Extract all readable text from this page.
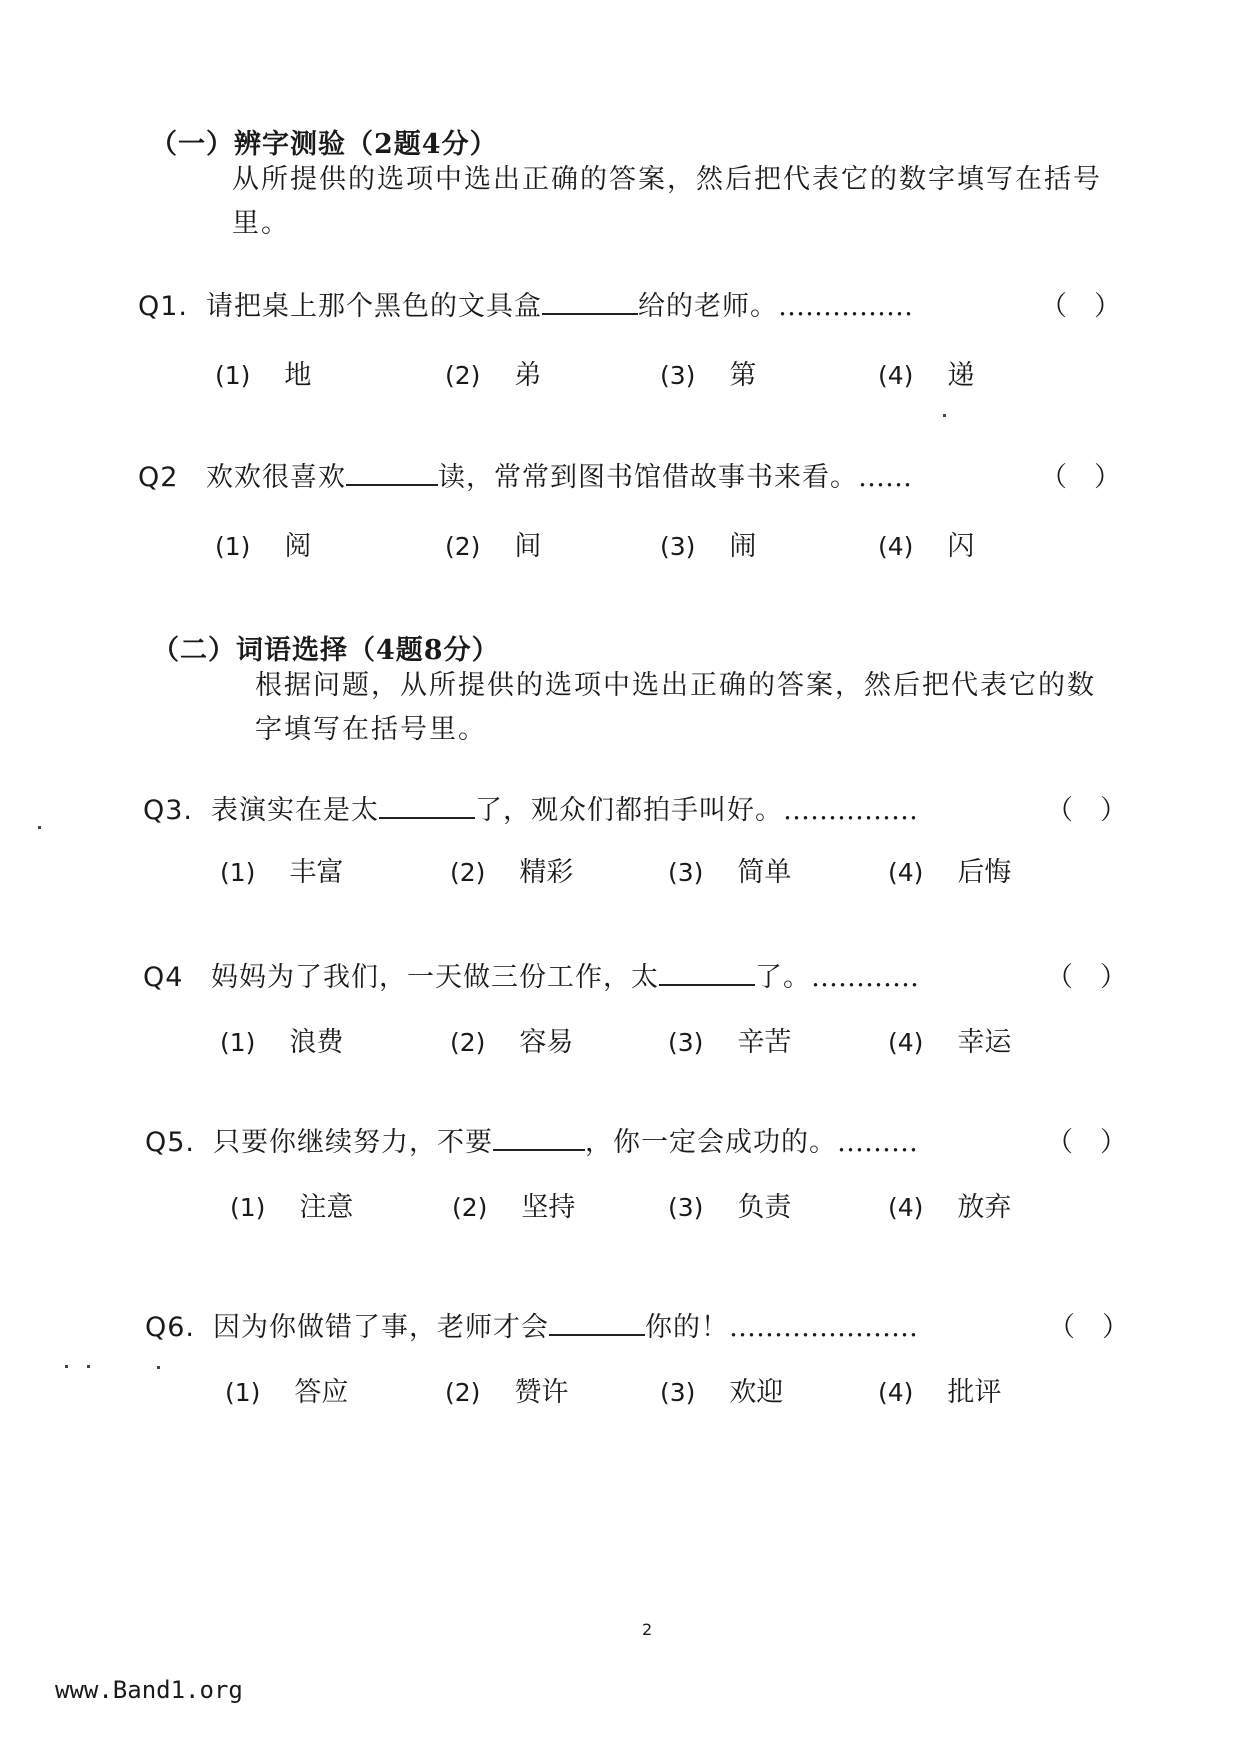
（一）辨字测验（2题4分）
从所提供的选项中选出正确的答案，然后把代表它的数字填写在括号里。
Q1. 请把桌上那个黑色的文具盒	给的老师。……………	（　）
(1) 地	(2) 弟	(3) 第	(4) 递
Q2 欢欢很喜欢	读，常常到图书馆借故事书来看。……	（　）
(1) 阅	(2) 间	(3) 闹	(4) 闪
（二）词语选择（4题8分）
根据问题，从所提供的选项中选出正确的答案，然后把代表它的数字填写在括号里。
Q3. 表演实在是太	了，观众们都拍手叫好。……………	（　）
(1) 丰富	(2) 精彩	(3) 简单	(4) 后悔
Q4 妈妈为了我们，一天做三份工作，太	了。…………	（　）
(1) 浪费	(2) 容易	(3) 辛苦	(4) 幸运
Q5. 只要你继续努力，不要	，你一定会成功的。………	（　）
(1) 注意	(2) 坚持	(3) 负责	(4) 放弃
Q6. 因为你做错了事，老师才会	你的！…………………	（　）
(1) 答应	(2) 赞许	(3) 欢迎	(4) 批评
2
www.Band1.org
